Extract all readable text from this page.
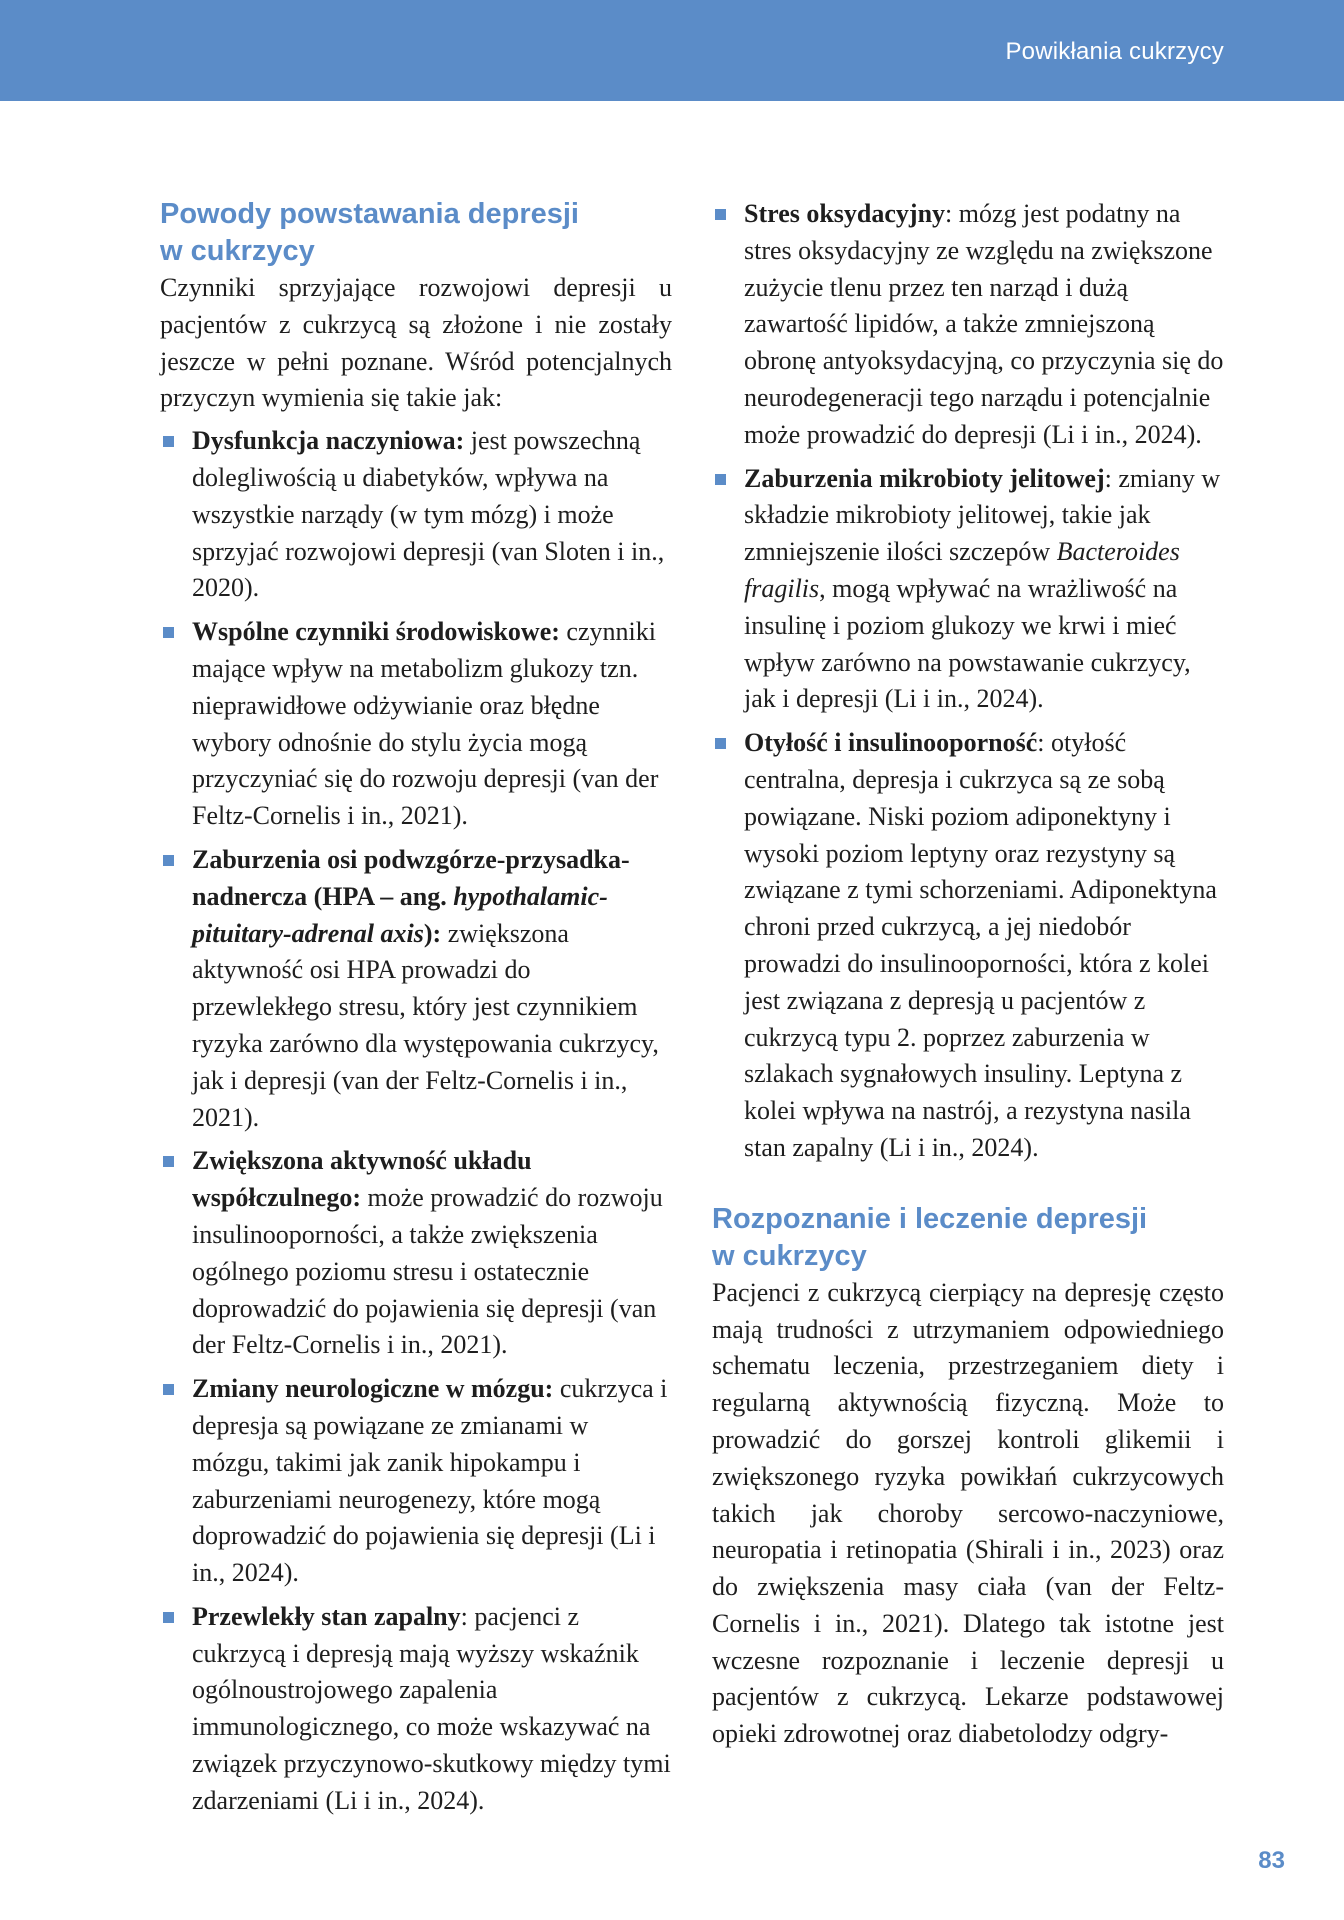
Powikłania cukrzycy
Powody powstawania depresji
w cukrzycy

Czynniki sprzyjające rozwojowi depresji u pacjentów z cukrzycą są złożone i nie zostały jeszcze w pełni poznane. Wśród potencjalnych przyczyn wymienia się takie jak:

Dysfunkcja naczyniowa: jest powszechną dolegliwością u diabetyków, wpływa na wszystkie narządy (w tym mózg) i może sprzyjać rozwojowi depresji (van Sloten i in., 2020).
Wspólne czynniki środowiskowe: czynniki mające wpływ na metabolizm glukozy tzn. nieprawidłowe odżywianie oraz błędne wybory odnośnie do stylu życia mogą przyczyniać się do rozwoju depresji (van der Feltz-Cornelis i in., 2021).
Zaburzenia osi podwzgórze-przysadka-nadnercza (HPA – ang. hypothalamic-pituitary-adrenal axis): zwiększona aktywność osi HPA prowadzi do przewlekłego stresu, który jest czynnikiem ryzyka zarówno dla występowania cukrzycy, jak i depresji (van der Feltz-Cornelis i in., 2021).
Zwiększona aktywność układu współczulnego: może prowadzić do rozwoju insulinooporności, a także zwiększenia ogólnego poziomu stresu i ostatecznie doprowadzić do pojawienia się depresji (van der Feltz-Cornelis i in., 2021).
Zmiany neurologiczne w mózgu: cukrzyca i depresja są powiązane ze zmianami w mózgu, takimi jak zanik hipokampu i zaburzeniami neurogenezy, które mogą doprowadzić do pojawienia się depresji (Li i in., 2024).
Przewlekły stan zapalny: pacjenci z cukrzycą i depresją mają wyższy wskaźnik ogólnoustrojowego zapalenia immunologicznego, co może wskazywać na związek przyczynowo-skutkowy między tymi zdarzeniami (Li i in., 2024).
Stres oksydacyjny: mózg jest podatny na stres oksydacyjny ze względu na zwiększone zużycie tlenu przez ten narząd i dużą zawartość lipidów, a także zmniejszoną obronę antyoksydacyjną, co przyczynia się do neurodegeneracji tego narządu i potencjalnie może prowadzić do depresji (Li i in., 2024).
Zaburzenia mikrobioty jelitowej: zmiany w składzie mikrobioty jelitowej, takie jak zmniejszenie ilości szczepów Bacteroides fragilis, mogą wpływać na wrażliwość na insulinę i poziom glukozy we krwi i mieć wpływ zarówno na powstawanie cukrzycy, jak i depresji (Li i in., 2024).
Otyłość i insulinooporność: otyłość centralna, depresja i cukrzyca są ze sobą powiązane. Niski poziom adiponektyny i wysoki poziom leptyny oraz rezystyny są związane z tymi schorzeniami. Adiponektyna chroni przed cukrzycą, a jej niedobór prowadzi do insulinooporności, która z kolei jest związana z depresją u pacjentów z cukrzycą typu 2. poprzez zaburzenia w szlakach sygnałowych insuliny. Leptyna z kolei wpływa na nastrój, a rezystyna nasila stan zapalny (Li i in., 2024).
Rozpoznanie i leczenie depresji
w cukrzycy

Pacjenci z cukrzycą cierpiący na depresję często mają trudności z utrzymaniem odpowiedniego schematu leczenia, przestrzeganiem diety i regularną aktywnością fizyczną. Może to prowadzić do gorszej kontroli glikemii i zwiększonego ryzyka powikłań cukrzycowych takich jak choroby sercowo-naczyniowe, neuropatia i retinopatia (Shirali i in., 2023) oraz do zwiększenia masy ciała (van der Feltz-Cornelis i in., 2021). Dlatego tak istotne jest wczesne rozpoznanie i leczenie depresji u pacjentów z cukrzycą. Lekarze podstawowej opieki zdrowotnej oraz diabetolodzy odgry-

83
